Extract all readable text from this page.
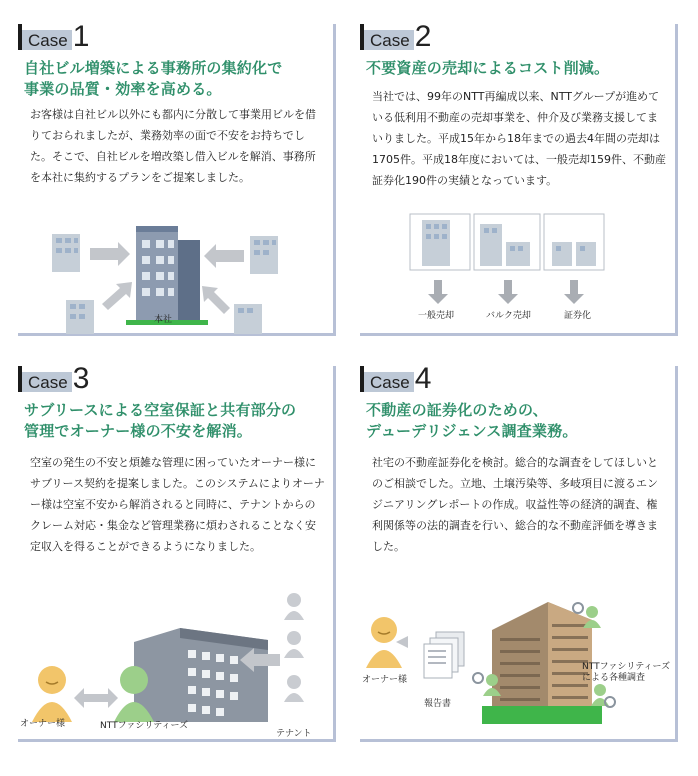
Case 1
自社ビル増築による事務所の集約化で
事業の品質・効率を高める。
お客様は自社ビル以外にも都内に分散して事業用ビルを借りておられましたが、業務効率の面で不安をお持ちでした。そこで、自社ビルを増改築し借入ビルを解消、事務所を本社に集約するプランをご提案しました。
本社
Case 2
不要資産の売却によるコスト削減。
当社では、99年のNTT再編成以来、NTTグループが進めている低利用不動産の売却事業を、仲介及び業務支援してまいりました。平成15年から18年までの過去4年間の売却は1705件。平成18年度においては、一般売却159件、不動産証券化190件の実績となっています。
一般売却	バルク売却	証券化
Case 3
サブリースによる空室保証と共有部分の
管理でオーナー様の不安を解消。
空室の発生の不安と煩雑な管理に困っていたオーナー様にサブリース契約を提案しました。このシステムによりオーナー様は空室不安から解消されると同時に、テナントからのクレーム対応・集金など管理業務に煩わされることなく安定収入を得ることができるようになりました。
オーナー様	NTTファシリティーズ
テナント
Case 4
不動産の証券化のための、
デューデリジェンス調査業務。
社宅の不動産証券化を検討。総合的な調査をしてほしいとのご相談でした。立地、土壌汚染等、多岐項目に渡るエンジニアリングレポートの作成。収益性等の経済的調査、権利関係等の法的調査を行い、総合的な不動産評価を導きました。
オーナー様
報告書
NTTファシリティーズ
による各種調査
